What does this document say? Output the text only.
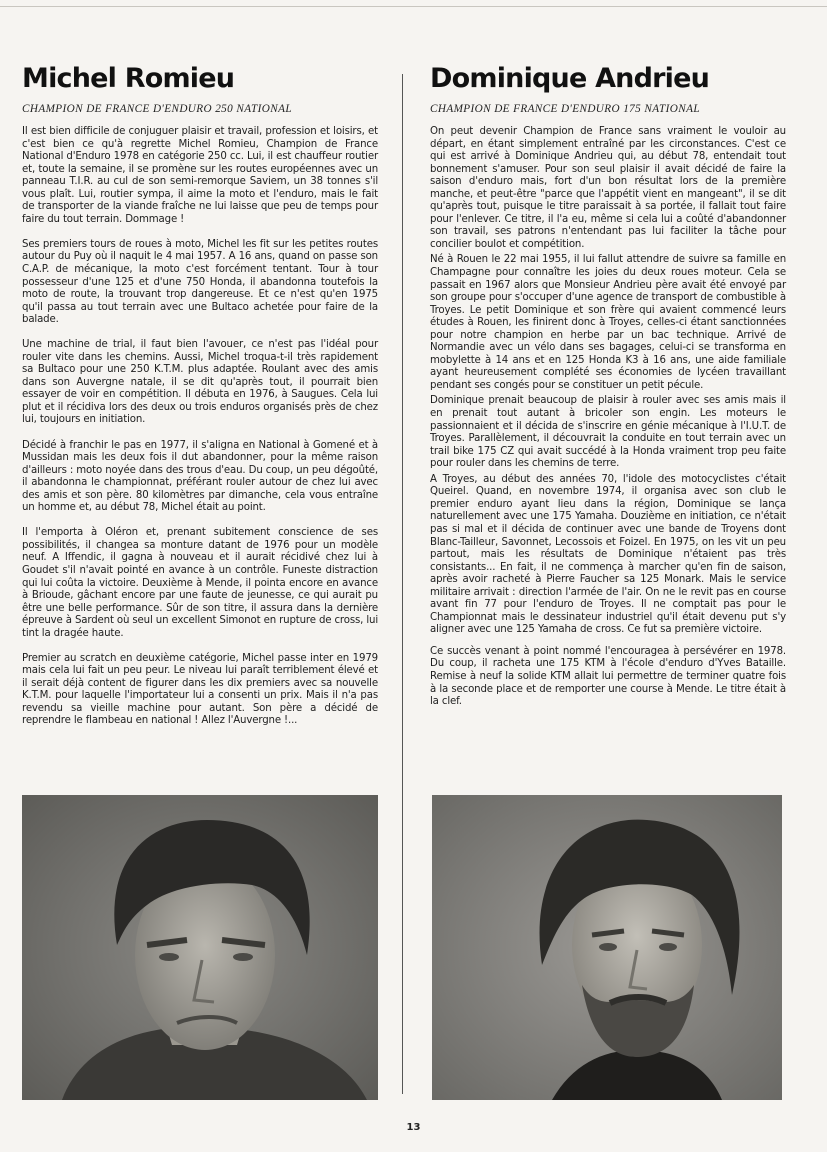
Michel Romieu
CHAMPION DE FRANCE D'ENDURO 250 NATIONAL

Il est bien difficile de conjuguer plaisir et travail, profession et loisirs, et c'est bien ce qu'à regrette Michel Romieu, Champion de France National d'Enduro 1978 en catégorie 250 cc. Lui, il est chauffeur routier et, toute la semaine, il se promène sur les routes européennes avec un panneau T.I.R. au cul de son semi-remorque Saviem, un 38 tonnes s'il vous plaît. Lui, routier sympa, il aime la moto et l'enduro, mais le fait de transporter de la viande fraîche ne lui laisse que peu de temps pour faire du tout terrain. Dommage !

Ses premiers tours de roues à moto, Michel les fit sur les petites routes autour du Puy où il naquit le 4 mai 1957. A 16 ans, quand on passe son C.A.P. de mécanique, la moto c'est forcément tentant. Tour à tour possesseur d'une 125 et d'une 750 Honda, il abandonna toutefois la moto de route, la trouvant trop dangereuse. Et ce n'est qu'en 1975 qu'il passa au tout terrain avec une Bultaco achetée pour faire de la balade.

Une machine de trial, il faut bien l'avouer, ce n'est pas l'idéal pour rouler vite dans les chemins. Aussi, Michel troqua-t-il très rapidement sa Bultaco pour une 250 K.T.M. plus adaptée. Roulant avec des amis dans son Auvergne natale, il se dit qu'après tout, il pourrait bien essayer de voir en compétition. Il débuta en 1976, à Saugues. Cela lui plut et il récidiva lors des deux ou trois enduros organisés près de chez lui, toujours en initiation.

Décidé à franchir le pas en 1977, il s'aligna en National à Gomené et à Mussidan mais les deux fois il dut abandonner, pour la même raison d'ailleurs : moto noyée dans des trous d'eau. Du coup, un peu dégoûté, il abandonna le championnat, préférant rouler autour de chez lui avec des amis et son père. 80 kilomètres par dimanche, cela vous entraîne un homme et, au début 78, Michel était au point.

Il l'emporta à Oléron et, prenant subitement conscience de ses possibilités, il changea sa monture datant de 1976 pour un modèle neuf. A Iffendic, il gagna à nouveau et il aurait récidivé chez lui à Goudet s'il n'avait pointé en avance à un contrôle. Funeste distraction qui lui coûta la victoire. Deuxième à Mende, il pointa encore en avance à Brioude, gâchant encore par une faute de jeunesse, ce qui aurait pu être une belle performance. Sûr de son titre, il assura dans la dernière épreuve à Sardent où seul un excellent Simonot en rupture de cross, lui tint la dragée haute.

Premier au scratch en deuxième catégorie, Michel passe inter en 1979 mais cela lui fait un peu peur. Le niveau lui paraît terriblement élevé et il serait déjà content de figurer dans les dix premiers avec sa nouvelle K.T.M. pour laquelle l'importateur lui a consenti un prix. Mais il n'a pas revendu sa vieille machine pour autant. Son père a décidé de reprendre le flambeau en national ! Allez l'Auvergne !...

Dominique Andrieu
CHAMPION DE FRANCE D'ENDURO 175 NATIONAL

On peut devenir Champion de France sans vraiment le vouloir au départ, en étant simplement entraîné par les circonstances. C'est ce qui est arrivé à Dominique Andrieu qui, au début 78, entendait tout bonnement s'amuser. Pour son seul plaisir il avait décidé de faire la saison d'enduro mais, fort d'un bon résultat lors de la première manche, et peut-être "parce que l'appétit vient en mangeant", il se dit qu'après tout, puisque le titre paraissait à sa portée, il fallait tout faire pour l'enlever. Ce titre, il l'a eu, même si cela lui a coûté d'abandonner son travail, ses patrons n'entendant pas lui faciliter la tâche pour concilier boulot et compétition.

Né à Rouen le 22 mai 1955, il lui fallut attendre de suivre sa famille en Champagne pour connaître les joies du deux roues moteur. Cela se passait en 1967 alors que Monsieur Andrieu père avait été envoyé par son groupe pour s'occuper d'une agence de transport de combustible à Troyes. Le petit Dominique et son frère qui avaient commencé leurs études à Rouen, les finirent donc à Troyes, celles-ci étant sanctionnées pour notre champion en herbe par un bac technique. Arrivé de Normandie avec un vélo dans ses bagages, celui-ci se transforma en mobylette à 14 ans et en 125 Honda K3 à 16 ans, une aide familiale ayant heureusement complété ses économies de lycéen travaillant pendant ses congés pour se constituer un petit pécule.

Dominique prenait beaucoup de plaisir à rouler avec ses amis mais il en prenait tout autant à bricoler son engin. Les moteurs le passionnaient et il décida de s'inscrire en génie mécanique à l'I.U.T. de Troyes. Parallèlement, il découvrait la conduite en tout terrain avec un trail bike 175 CZ qui avait succédé à la Honda vraiment trop peu faite pour rouler dans les chemins de terre.

A Troyes, au début des années 70, l'idole des motocyclistes c'était Queirel. Quand, en novembre 1974, il organisa avec son club le premier enduro ayant lieu dans la région, Dominique se lança naturellement avec une 175 Yamaha. Douzième en initiation, ce n'était pas si mal et il décida de continuer avec une bande de Troyens dont Blanc-Tailleur, Savonnet, Lecossois et Foizel. En 1975, on les vit un peu partout, mais les résultats de Dominique n'étaient pas très consistants... En fait, il ne commença à marcher qu'en fin de saison, après avoir racheté à Pierre Faucher sa 125 Monark. Mais le service militaire arrivait : direction l'armée de l'air. On ne le revit pas en course avant fin 77 pour l'enduro de Troyes. Il ne comptait pas pour le Championnat mais le dessinateur industriel qu'il était devenu put s'y aligner avec une 125 Yamaha de cross. Ce fut sa première victoire.

Ce succès venant à point nommé l'encouragea à persévérer en 1978. Du coup, il racheta une 175 KTM à l'école d'enduro d'Yves Bataille. Remise à neuf la solide KTM allait lui permettre de terminer quatre fois à la seconde place et de remporter une course à Mende. Le titre était à la clef.

13
